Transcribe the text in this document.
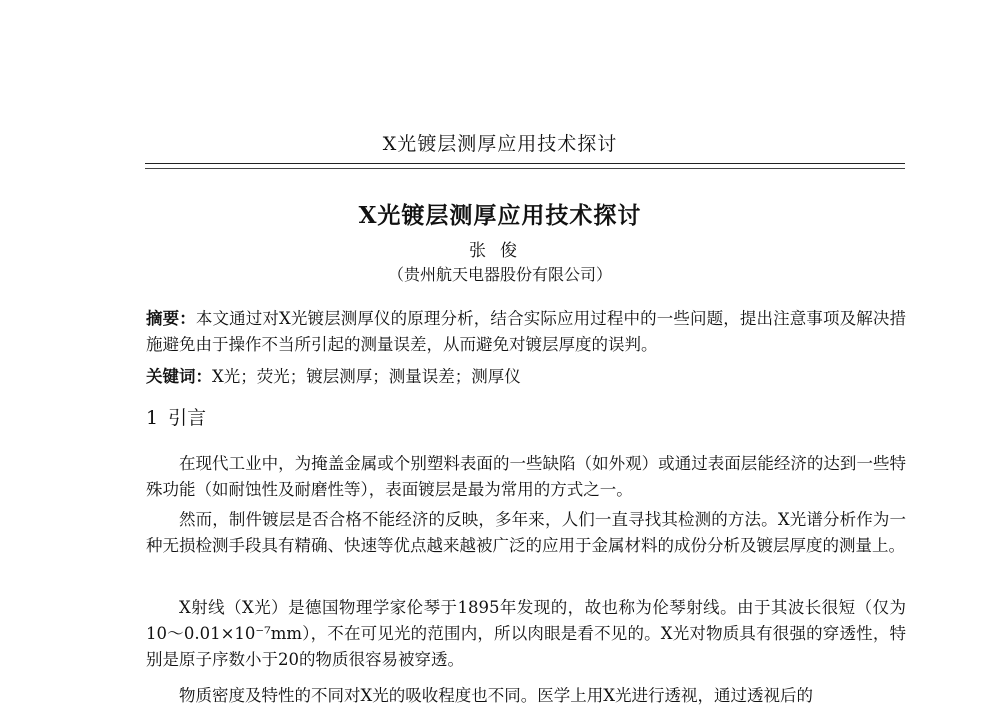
X光镀层测厚应用技术探讨
X光镀层测厚应用技术探讨
张俊
（贵州航天电器股份有限公司）
摘要：本文通过对X光镀层测厚仪的原理分析，结合实际应用过程中的一些问题，提出注意事项及解决措施避免由于操作不当所引起的测量误差，从而避免对镀层厚度的误判。
关键词：X光；荧光；镀层测厚；测量误差；测厚仪
1 引言
在现代工业中，为掩盖金属或个别塑料表面的一些缺陷（如外观）或通过表面层能经济的达到一些特殊功能（如耐蚀性及耐磨性等），表面镀层是最为常用的方式之一。
然而，制件镀层是否合格不能经济的反映，多年来，人们一直寻找其检测的方法。X光谱分析作为一种无损检测手段具有精确、快速等优点越来越被广泛的应用于金属材料的成份分析及镀层厚度的测量上。
X射线（X光）是德国物理学家伦琴于1895年发现的，故也称为伦琴射线。由于其波长很短（仅为10～0.01×10⁻⁷mm），不在可见光的范围内，所以肉眼是看不见的。X光对物质具有很强的穿透性，特别是原子序数小于20的物质很容易被穿透。
物质密度及特性的不同对X光的吸收程度也不同。医学上用X光进行透视，通过透视后的
